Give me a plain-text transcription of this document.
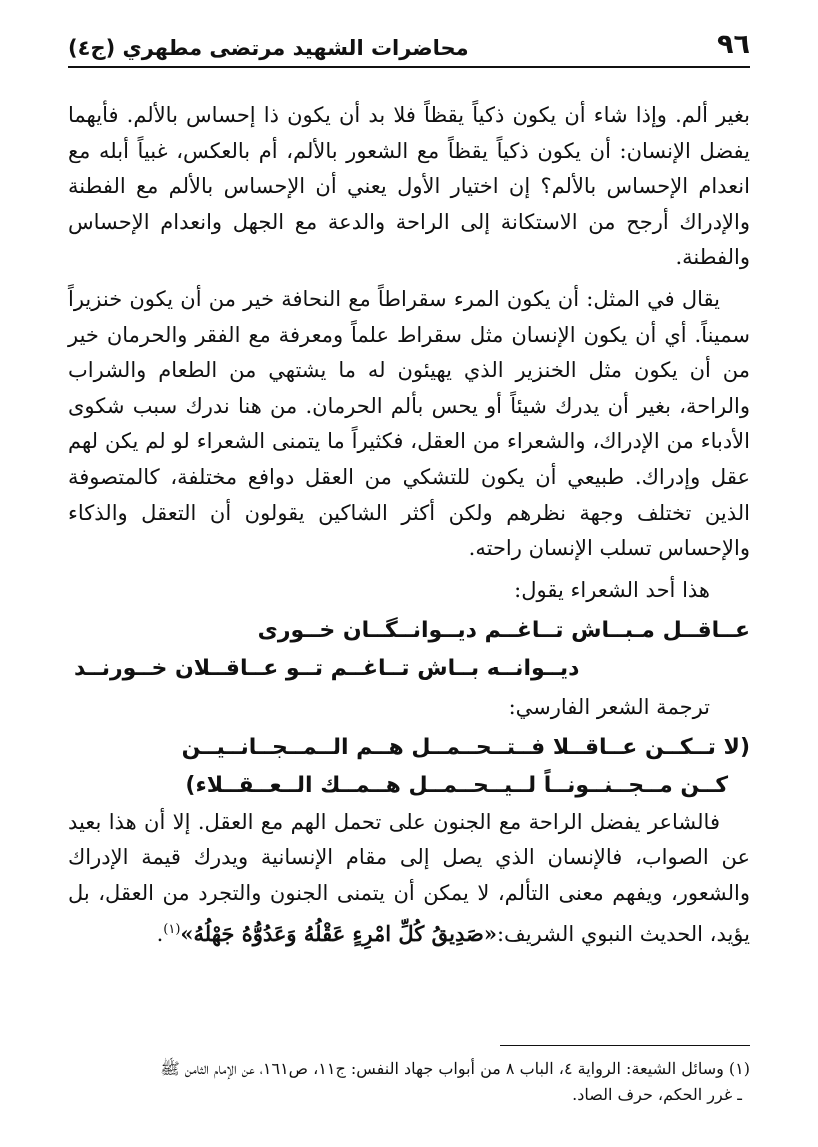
٩٦
محاضرات الشهيد مرتضى مطهري (ج٤)

بغير ألم. وإذا شاء أن يكون ذكياً يقظاً فلا بد أن يكون ذا إحساس بالألم. فأيهما يفضل الإنسان: أن يكون ذكياً يقظاً مع الشعور بالألم، أم بالعكس، غبياً أبله مع انعدام الإحساس بالألم؟ إن اختيار الأول يعني أن الإحساس بالألم مع الفطنة والإدراك أرجح من الاستكانة إلى الراحة والدعة مع الجهل وانعدام الإحساس والفطنة.

يقال في المثل: أن يكون المرء سقراطاً مع النحافة خير من أن يكون خنزيراً سميناً. أي أن يكون الإنسان مثل سقراط علماً ومعرفة مع الفقر والحرمان خير من أن يكون مثل الخنزير الذي يهيئون له ما يشتهي من الطعام والشراب والراحة، بغير أن يدرك شيئاً أو يحس بألم الحرمان. من هنا ندرك سبب شكوى الأدباء من الإدراك، والشعراء من العقل، فكثيراً ما يتمنى الشعراء لو لم يكن لهم عقل وإدراك. طبيعي أن يكون للتشكي من العقل دوافع مختلفة، كالمتصوفة الذين تختلف وجهة نظرهم ولكن أكثر الشاكين يقولون أن التعقل والذكاء والإحساس تسلب الإنسان راحته.

هذا أحد الشعراء يقول:

عــاقــل مـبــاش تــاغــم ديــوانــگــان خــورى

ديــوانــه بــاش تــاغــم تــو عــاقــلان خــورنــد

ترجمة الشعر الفارسي:

(لا تــكــن عــاقــلا فــتــحــمــل هــم الــمــجــانــيــن

كــن مــجــنــونــاً لــيــحــمــل هــمــك الــعــقــلاء)

فالشاعر يفضل الراحة مع الجنون على تحمل الهم مع العقل. إلا أن هذا بعيد عن الصواب، فالإنسان الذي يصل إلى مقام الإنسانية ويدرك قيمة الإدراك والشعور، ويفهم معنى التألم، لا يمكن أن يتمنى الجنون والتجرد من العقل، بل يؤيد، الحديث النبوي الشريف:«صَدِيقُ كُلِّ امْرِءٍ عَقْلُهُ وَعَدُوُّهُ جَهْلُهُ»$^{(١)}$.

(١) وسائل الشيعة: الرواية ٤، الباب ٨ من أبواب جهاد النفس: ج١١، ص١٦١، عن الإمام الثامن ﷺ
ـ غرر الحكم، حرف الصاد.
